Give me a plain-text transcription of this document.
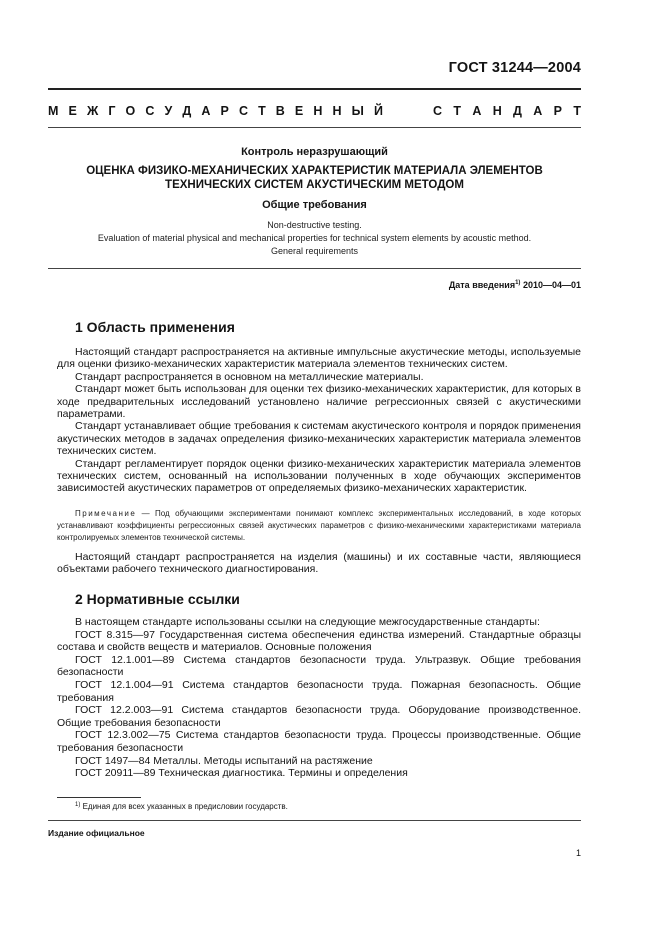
ГОСТ 31244—2004
М Е Ж Г О С У Д А Р С Т В Е Н Н Ы Й	С Т А Н Д А Р Т
Контроль неразрушающий
ОЦЕНКА ФИЗИКО-МЕХАНИЧЕСКИХ ХАРАКТЕРИСТИК МАТЕРИАЛА ЭЛЕМЕНТОВ ТЕХНИЧЕСКИХ СИСТЕМ АКУСТИЧЕСКИМ МЕТОДОМ
Общие требования
Non-destructive testing.
Evaluation of material physical and mechanical properties for technical system elements by acoustic method.
General requirements
Дата введения$^{1)}$ 2010—04—01
1 Область применения

Настоящий стандарт распространяется на активные импульсные акустические методы, используемые для оценки физико-механических характеристик материала элементов технических систем.

Стандарт распространяется в основном на металлические материалы.

Стандарт может быть использован для оценки тех физико-механических характеристик, для которых в ходе предварительных исследований установлено наличие регрессионных связей с акустическими параметрами.

Стандарт устанавливает общие требования к системам акустического контроля и порядок применения акустических методов в задачах определения физико-механических характеристик материала элементов технических систем.

Стандарт регламентирует порядок оценки физико-механических характеристик материала элементов технических систем, основанный на использовании полученных в ходе обучающих экспериментов зависимостей акустических параметров от определяемых физико-механических характеристик.

Примечание — Под обучающими экспериментами понимают комплекс экспериментальных исследований, в ходе которых устанавливают коэффициенты регрессионных связей акустических параметров с физико-механическими характеристиками материала контролируемых элементов технической системы.

Настоящий стандарт распространяется на изделия (машины) и их составные части, являющиеся объектами рабочего технического диагностирования.

2 Нормативные ссылки

В настоящем стандарте использованы ссылки на следующие межгосударственные стандарты:

ГОСТ 8.315—97 Государственная система обеспечения единства измерений. Стандартные образцы состава и свойств веществ и материалов. Основные положения

ГОСТ 12.1.001—89 Система стандартов безопасности труда. Ультразвук. Общие требования безопасности

ГОСТ 12.1.004—91 Система стандартов безопасности труда. Пожарная безопасность. Общие требования

ГОСТ 12.2.003—91 Система стандартов безопасности труда. Оборудование производственное. Общие требования безопасности

ГОСТ 12.3.002—75 Система стандартов безопасности труда. Процессы производственные. Общие требования безопасности

ГОСТ 1497—84 Металлы. Методы испытаний на растяжение

ГОСТ 20911—89 Техническая диагностика. Термины и определения

$^{1)}$ Единая для всех указанных в предисловии государств.
Издание официальное
1
